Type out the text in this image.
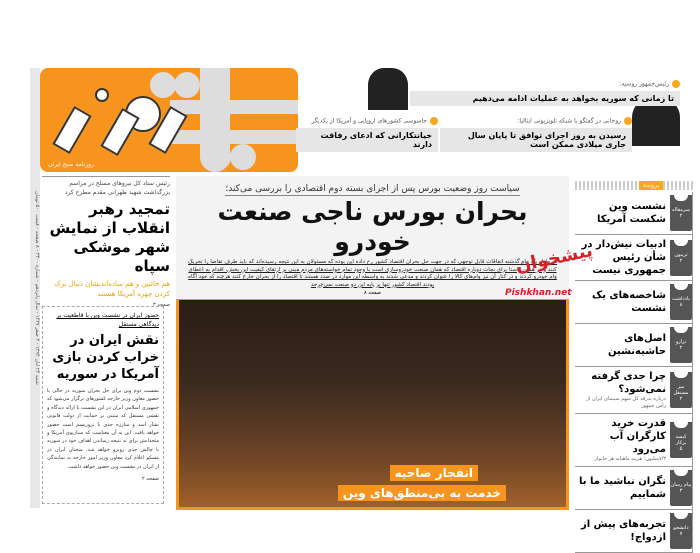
شنبه ۲۴ آبان ۱۳۹۴ - ۳ صفر ۱۴۳۷ - سال پانزدهم - شماره ۳۳۰۰ - ۸ صفحه - قیمت ۵۰۰ تومان
روزنامه صبح ایران
رئیس‌جمهور روسیه:
تا زمانی که سوریه بخواهد به عملیات ادامه می‌دهیم
روحانی در گفتگو با شبکه تلویزیونی ایتالیا:
رسیدن به روز اجرای توافق تا پایان سال جاری میلادی ممکن است
جاسوسی کشورهای اروپایی و آمریکا از یکدیگر
خیانتکارانی که ادعای رفاقت دارند
سیاست روز وضعیت بورس پس از اجرای بسته دوم اقتصادی را بررسی می‌کند؛
بحران بورس ناجی صنعت خودرو
در طول یک ماه گذشته اتفاقات قابل توجهی که در جهت حل بحران اقتصاد کشور رخ داده این بوده که مسئولان به این نتیجه رسیده‌اند که باید طرف تقاضا را تحریک کنند و در همین راستا برای نجات دوباره اقتصاد که همان صنعت خودروسازی است با وجود تمام خواسته‌های مردم مبنی بر ارتقای کیفیت این بخش، اقدام به اعطای وام خودرو کردند و در کنار آن نیز وام‌های کالا را عنوان کردند و مدعی شدند به واسطه این موارد در صدد هستند تا اقتصاد را از بحران خارج کنند هرچند که خود آگاه بودند اقتصاد کشور تنها بر پایه این دو صنعت نمی‌چرخد
صفحه ۸
انفجار ضاحیه
خدمت به بی‌منطق‌های وین
رئیس ستاد کل نیروهای مسلح در مراسم بزرگداشت شهید طهرانی مقدم مطرح کرد
تمجید رهبر انقلاب از نمایش شهر موشکی سپاه
هم خائنین و هم ساده‌اندیشان دنبال بزک کردن چهره آمریکا هستند
صفحه ۳
حضور ایران در نشست وین با قاطعیت بر دیدگاهی مستقل
نقش ایران در خراب کردن بازی آمریکا در سوریه
نشست دوم وین برای حل بحران سوریه در حالی با حضور معاون وزیر خارجه کشورهای برگزار می‌شود که جمهوری اسلامی ایران در این نشست با ارائه دیدگاه و نقشی مستقل که مبتنی بر حمایت از دولت قانونی بشار اسد و مبارزه جدی با تروریسم است حضور خواهد یافت. این به آن معناست که سناریوی آمریکا و متحدانش برای به نتیجه رساندن اهداف خود در سوریه با چالش جدی روبرو خواهد شد. سخنان ایران در مسکو اعلام کرد معاون وزیر امور خارجه به نمایندگی از ایران در نشست وین حضور خواهد داشت.
صفحه ۲
پرونده
سرمقاله
۲
نشست وین شکست آمریکا
تریبون
۲
ادبیات نیش‌دار در شأن رئیس جمهوری نیست
یادداشت
۸
شاخصه‌های یک نشست
ترازو
۲
اصل‌های حاشیه‌نشین
میز مستقل
۲
چرا جدی گرفته نمی‌شود؟
درباره بدرقه کل سهم سینمای ایران از رأس جمهور
کیسه برکار
۵
قدرت خرید کارگران آب می‌رود
۷/۳میلیون؛ هزینه ماهیانه هر خانوار
پیام رسان
۳
نگران نباشید ما با شماییم
دانشجو
۷
تجربه‌های پیش از ازدواج!
پیشخوان
Pishkhan.net
